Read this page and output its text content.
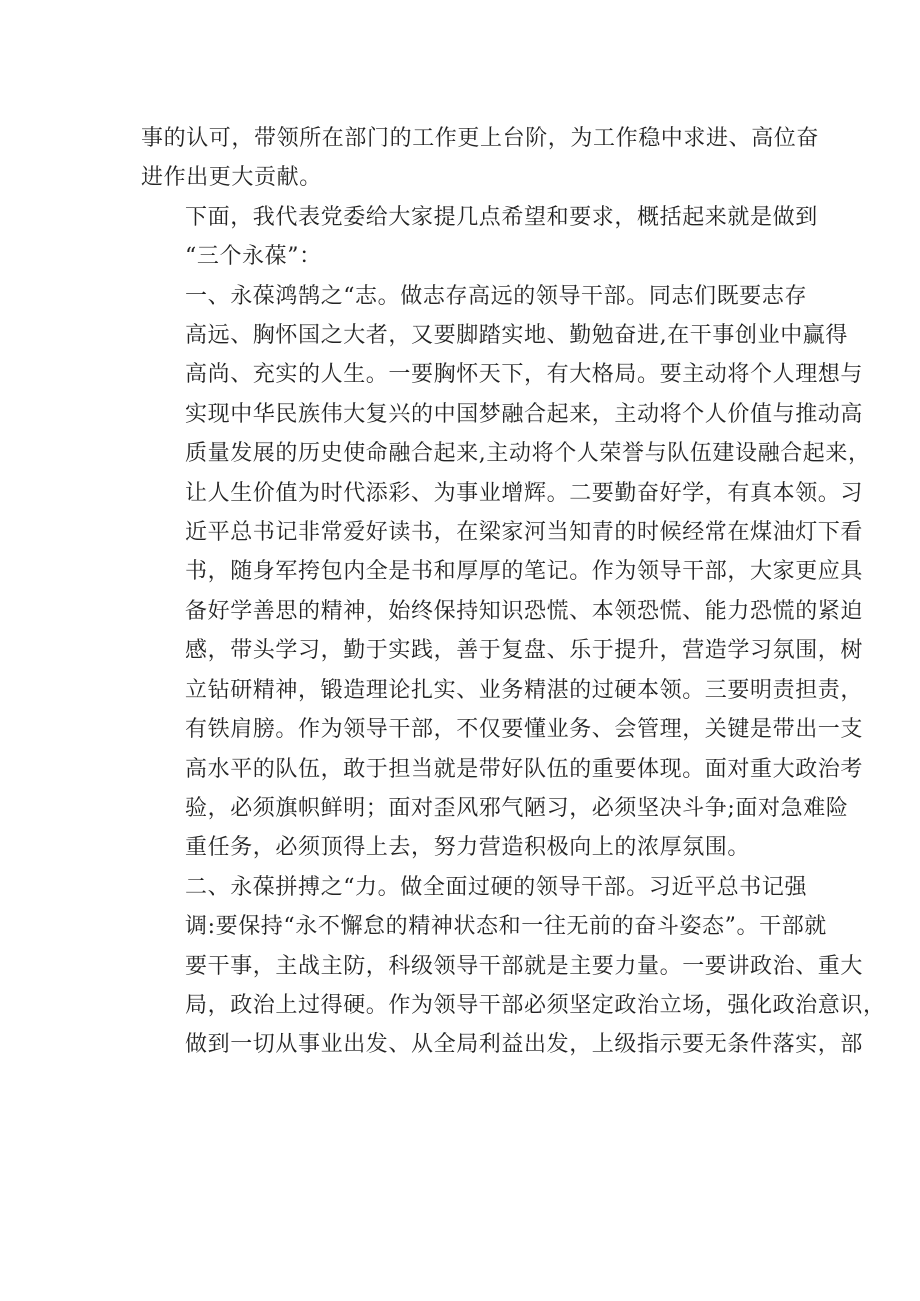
事的认可，带领所在部门的工作更上台阶，为工作稳中求进、高位奋
进作出更大贡献。
下面，我代表党委给大家提几点希望和要求，概括起来就是做到
“三个永葆”：
一、永葆鸿鹄之“志。做志存高远的领导干部。同志们既要志存
高远、胸怀国之大者，又要脚踏实地、勤勉奋进,在干事创业中赢得
高尚、充实的人生。一要胸怀天下，有大格局。要主动将个人理想与
实现中华民族伟大复兴的中国梦融合起来，主动将个人价值与推动高
质量发展的历史使命融合起来,主动将个人荣誉与队伍建设融合起来，
让人生价值为时代添彩、为事业增辉。二要勤奋好学，有真本领。习
近平总书记非常爱好读书，在梁家河当知青的时候经常在煤油灯下看
书，随身军挎包内全是书和厚厚的笔记。作为领导干部，大家更应具
备好学善思的精神，始终保持知识恐慌、本领恐慌、能力恐慌的紧迫
感，带头学习，勤于实践，善于复盘、乐于提升，营造学习氛围，树
立钻研精神，锻造理论扎实、业务精湛的过硬本领。三要明责担责，
有铁肩膀。作为领导干部，不仅要懂业务、会管理，关键是带出一支
高水平的队伍，敢于担当就是带好队伍的重要体现。面对重大政治考
验，必须旗帜鲜明；面对歪风邪气陋习，必须坚决斗争;面对急难险
重任务，必须顶得上去，努力营造积极向上的浓厚氛围。
二、永葆拼搏之“力。做全面过硬的领导干部。习近平总书记强
调:要保持“永不懈怠的精神状态和一往无前的奋斗姿态”。干部就
要干事，主战主防，科级领导干部就是主要力量。一要讲政治、重大
局，政治上过得硬。作为领导干部必须坚定政治立场，强化政治意识，
做到一切从事业出发、从全局利益出发，上级指示要无条件落实，部
